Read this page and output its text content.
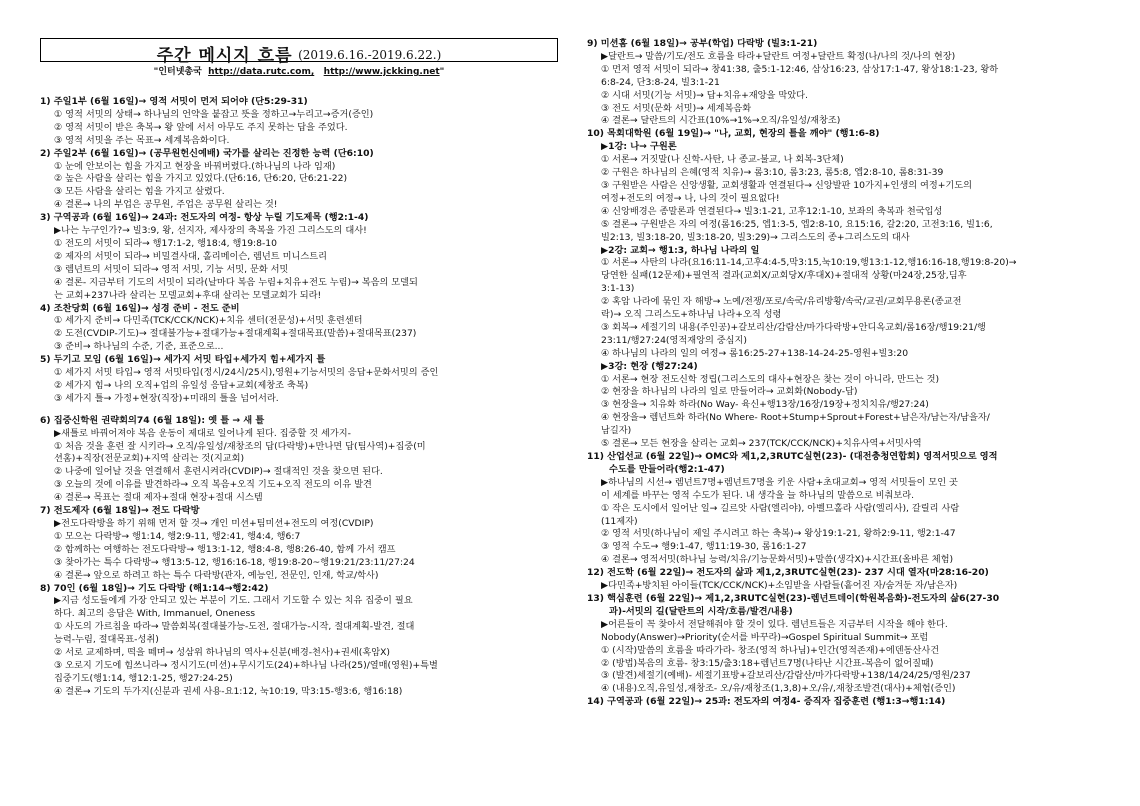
주간 메시지 흐름 (2019.6.16.-2019.6.22.)
"인터넷총국 http://data.rutc.com, http://www.jckking.net"
1) 주일1부 (6월 16일)→ 영적 서밋이 먼저 되어야 (단5:29-31)
① 영적 서밋의 상태→ 하나님의 언약을 붙잡고 뜻을 정하고→누리고→증거(증인)
② 영적 서밋이 받은 축복→ 왕 앞에 서서 아무도 주지 못하는 답을 주었다.
③ 영적 서밋을 주는 목표→ 세계복음화이다.
2) 주일2부 (6월 16일)→ (공무원헌신예배) 국가를 살리는 진정한 능력 (단6:10)
① 눈에 안보이는 힘을 가지고 현장을 바꿔버렸다.(하나님의 나라 임재)
② 높은 사람을 살리는 힘을 가지고 있었다.(단6:16, 단6:20, 단6:21-22)
③ 모든 사람을 살리는 힘을 가지고 살렸다.
④ 결론→ 나의 부업은 공무원, 주업은 공무원 살리는 것!
3) 구역공과 (6월 16일)→ 24과: 전도자의 여정- 항상 누릴 기도제목 (행2:1-4)
▶나는 누구인가?→ 빌3:9, 왕, 선지자, 제사장의 축복을 가진 그리스도의 대사!
① 전도의 서밋이 되라→ 행17:1-2, 행18:4, 행19:8-10
② 제자의 서밋이 되라→ 비밀결사대, 홀리메이슨, 렘넌트 미니스트리
③ 렘넌트의 서밋이 되라→ 영적 서밋, 기능 서밋, 문화 서밋
④ 결론- 지금부터 기도의 서밋이 되라(날마다 복음 누림+치유+전도 누림)→ 복음의 모델되
는 교회+237나라 살리는 모델교회+후대 살리는 모델교회가 되라!
4) 조찬당회 (6월 16일)→ 성경 준비 - 전도 준비
① 세가지 준비→ 다민족(TCK/CCK/NCK)+치유 센터(전문성)+서밋 훈련센터
② 도전(CVDIP-기도)→ 절대불가능+절대가능+절대계획+절대목표(말씀)+절대목표(237)
③ 준비→ 하나님의 수준, 기준, 표준으로...
5) 두기고 모임 (6월 16일)→ 세가지 서밋 타입+세가지 힘+세가지 틀
① 세가지 서밋 타입→ 영적 서밋타입(정시/24시/25시),영원+기능서밋의 응답+문화서밋의 증인
② 세가지 힘→ 나의 오직+업의 유일성 응답+교회(제창조 축복)
③ 세가지 틀→ 가정+현장(직장)+미래의 틀을 넘어서라.
6) 집중신학원 권략회의74 (6월 18일): 옛 틀 → 새 틀
▶새틀로 바꿔어져야 복음 운동이 제대로 일어나게 된다. 집중할 것 세가지-
① 처음 것을 훈련 잘 시키라→ 오직/유일성/재창조의 답(다락방)+만나면 답(팀사역)+집중(미
션홈)+직장(전문교회)+지역 살리는 것(지교회)
② 나중에 일어날 것을 연결해서 훈련시켜라(CVDIP)→ 절대적인 것을 찾으면 된다.
③ 오늘의 것에 이유를 발견하라→ 오직 복음+오직 기도+오직 전도의 이유 발견
④ 결론→ 목표는 절대 제자+절대 현장+절대 시스템
7) 전도제자 (6월 18일)→ 전도 다락방
▶전도다락방을 하기 위해 먼저 할 것→ 개인 미션+팀미션+전도의 여정(CVDIP)
① 모으는 다락방→ 행1:14, 행2:9-11, 행2:41, 행4:4, 행6:7
② 함께하는 여행하는 전도다락방→ 행13:1-12, 행8:4-8, 행8:26-40, 함께 가서 캠프
③ 찾아가는 특수 다락방→ 행13:5-12, 행16:16-18, 행19:8-20~행19:21/23:11/27:24
④ 결론→ 앞으로 하려고 하는 특수 다락방(관자, 예능인, 전문인, 인재, 학교/학사)
8) 70인 (6월 18일)→ 기도 다락방 (해1:14→행2:42)
▶지금 성도들에게 가장 안되고 있는 부분이 기도. 그래서 기도할 수 있는 치유 집중이 필요
하다. 최고의 응답은 With, Immanuel, Oneness
① 사도의 가르침을 따라→ 말씀회복(절대불가능-도전, 절대가능-시작, 절대계획-발견, 절대
능력-누림, 절대목표-성취)
② 서로 교제하며, 떡을 떼며→ 성삼위 하나님의 역사+신분(배경-천사)+권세(혹암X)
③ 오로지 기도에 힘쓰니라→ 정시기도(미션)+무시기도(24)+하나님 나라(25)/열매(영원)+특별
집중기도(행1:14, 행12:1-25, 행27:24-25)
④ 결론→ 기도의 두가지(신분과 권세 사용-요1:12, 눅10:19, 막3:15-행3:6, 행16:18)
9) 미션홈 (6월 18일)→ 공부(학업) 다락방 (빌3:1-21)
▶달란트→ 말씀/기도/전도 흐름을 타라+달란트 여정+달란트 확정(나/나의 것/나의 현장)
① 먼저 영적 서밋이 되라→ 창41:38, 출5:1-12:46, 삼상16:23, 삼상17:1-47, 왕상18:1-23, 왕하
6:8-24, 단3:8-24, 빌3:1-21
② 시대 서밋(기능 서밋)→ 답+치유+재앙을 막았다.
③ 전도 서밋(문화 서밋)→ 세계복음화
④ 결론→ 달란트의 시간표(10%→1%→오직/유일성/재창조)
10) 목회대학원 (6월 19일)→ "나, 교회, 현장의 틀을 깨야" (행1:6-8)
▶1강: 나→ 구원론
① 서론→ 거짓말(나 신학-사탄, 나 종교-불교, 나 회복-3단체)
② 구원은 하나님의 은혜(영적 치유)→ 롬3:10, 롬3:23, 롬5:8, 엡2:8-10, 롬8:31-39
③ 구원받은 사람은 신앙생활, 교회생활과 연결된다→ 신앙발판 10가지+인생의 여정+기도의
여정+전도의 여정→ 나, 나의 것이 필요없다!
④ 신앙배경은 종말론과 연결된다→ 빌3:1-21, 고후12:1-10, 보좌의 축복과 천국입성
⑤ 결론→ 구원받은 자의 여정(롬16:25, 엡1:3-5, 엡2:8-10, 요15:16, 갈2:20, 고전3:16, 빌1:6,
빌2:13, 빌3:18-20, 빌3:18-20, 빌3:29)→ 그리스도의 종+그리스도의 대사
▶2강: 교회→ 행1:3, 하나님 나라의 일
① 서론→ 사탄의 나라(요16:11-14,고후4:4-5,막3:15,눅10:19,행13:1-12,행16:16-18,행19:8-20)→
당연한 실패(12문제)+필연적 결과(교회X/교회당X/후대X)+절대적 상황(마24장,25장,딤후
3:1-13)
② 혹암 나라에 묶인 자 해방→ 노예/전쟁/포로/속국/유리방황/속국/교권/교회무용론(종교전
락)→ 오직 그리스도+하나님 나라+오직 성령
③ 회복→ 세절기의 내용(주인공)+갈보리산/감람산/마가다락방+안디옥교회/롬16장/행19:21/행
23:11/행27:24(영적재앙의 중심지)
④ 하나님의 나라의 일의 여정→ 롬16:25-27+138-14-24-25-영원+빌3:20
▶3강: 현장 (행27:24)
① 서론→ 현장 전도신학 정립(그리스도의 대사+현장은 찾는 것이 아니라, 만드는 것)
② 현장을 하나님의 나라의 일로 만들어라→ 교회화(Nobody-답)
③ 현장을→ 치유화 하라(No Way- 육신+행13장/16장/19장+정치치유/행27:24)
④ 현장을→ 렘넌트화 하라(No Where- Root+Stump+Sprout+Forest+남은자/남는자/남을자/
남길자)
⑤ 결론→ 모든 현장을 살리는 교회→ 237(TCK/CCK/NCK)+치유사역+서밋사역
11) 산업선교 (6월 22일)→ OMC와 제1,2,3RUTC실현(23)- (대전충청연합회) 영적서밋으로 영적
수도를 만들어라(행2:1-47)
▶하나님의 시선→ 렘넌트7명+렘넌트7명을 키운 사람+초대교회→ 영적 서밋들이 모인 곳
이 세계를 바꾸는 영적 수도가 된다. 내 생각을 늘 하나님의 말씀으로 비춰보라.
① 작은 도시에서 일어난 일→ 길르앗 사람(엘리야), 아벨므홀라 사람(엘리사), 갈릴리 사람
(11제자)
② 영적 서밋(하나님이 제일 주시려고 하는 축복)→ 왕상19:1-21, 왕하2:9-11, 행2:1-47
③ 영적 수도→ 행9:1-47, 행11:19-30, 롬16:1-27
④ 결론→ 영적서밋(하나님 능력/치유/기능문화서밋)+말씀(생각X)+시간표(올바른 체험)
12) 전도학 (6월 22일)→ 전도자의 삶과 제1,2,3RUTC실현(23)- 237 시대 열자(마28:16-20)
▶다민족+방치된 아이들(TCK/CCK/NCK)+소임받을 사람들(흩어진 자/숨겨둔 자/남은자)
13) 핵심훈련 (6월 22일)→ 제1,2,3RUTC실현(23)-렘넌트데이(학원복음화)-전도자의 삶6(27-30
과)-서밋의 길(달란트의 시작/흐름/발견/내용)
▶어른들이 꼭 찾아서 전달해줘야 할 것이 있다. 렘넌트들은 지금부터 시작을 해야 한다.
Nobody(Answer)→Priority(순서를 바꾸라)→Gospel Spiritual Summit→ 포럼
① (시작)말씀의 흐름을 따라가라- 창조(영적 하나님)+인간(영적존재)+에덴동산사건
② (방법)복음의 흐름- 창3:15/출3:18+렘넌트7명(나타난 시간표-복음이 없어질때)
③ (발견)세절기(예배)- 세절기표방+갈보리산/감람산/마가다락방+138/14/24/25/영원/237
④ (내용)오직,유일성,재창조- 오/유/재창조(1,3,8)+오/유/,재창조발견(대사)+체험(증인)
14) 구역공과 (6월 22일)→ 25과: 전도자의 여정4- 증직자 집중훈련 (행1:3→행1:14)
